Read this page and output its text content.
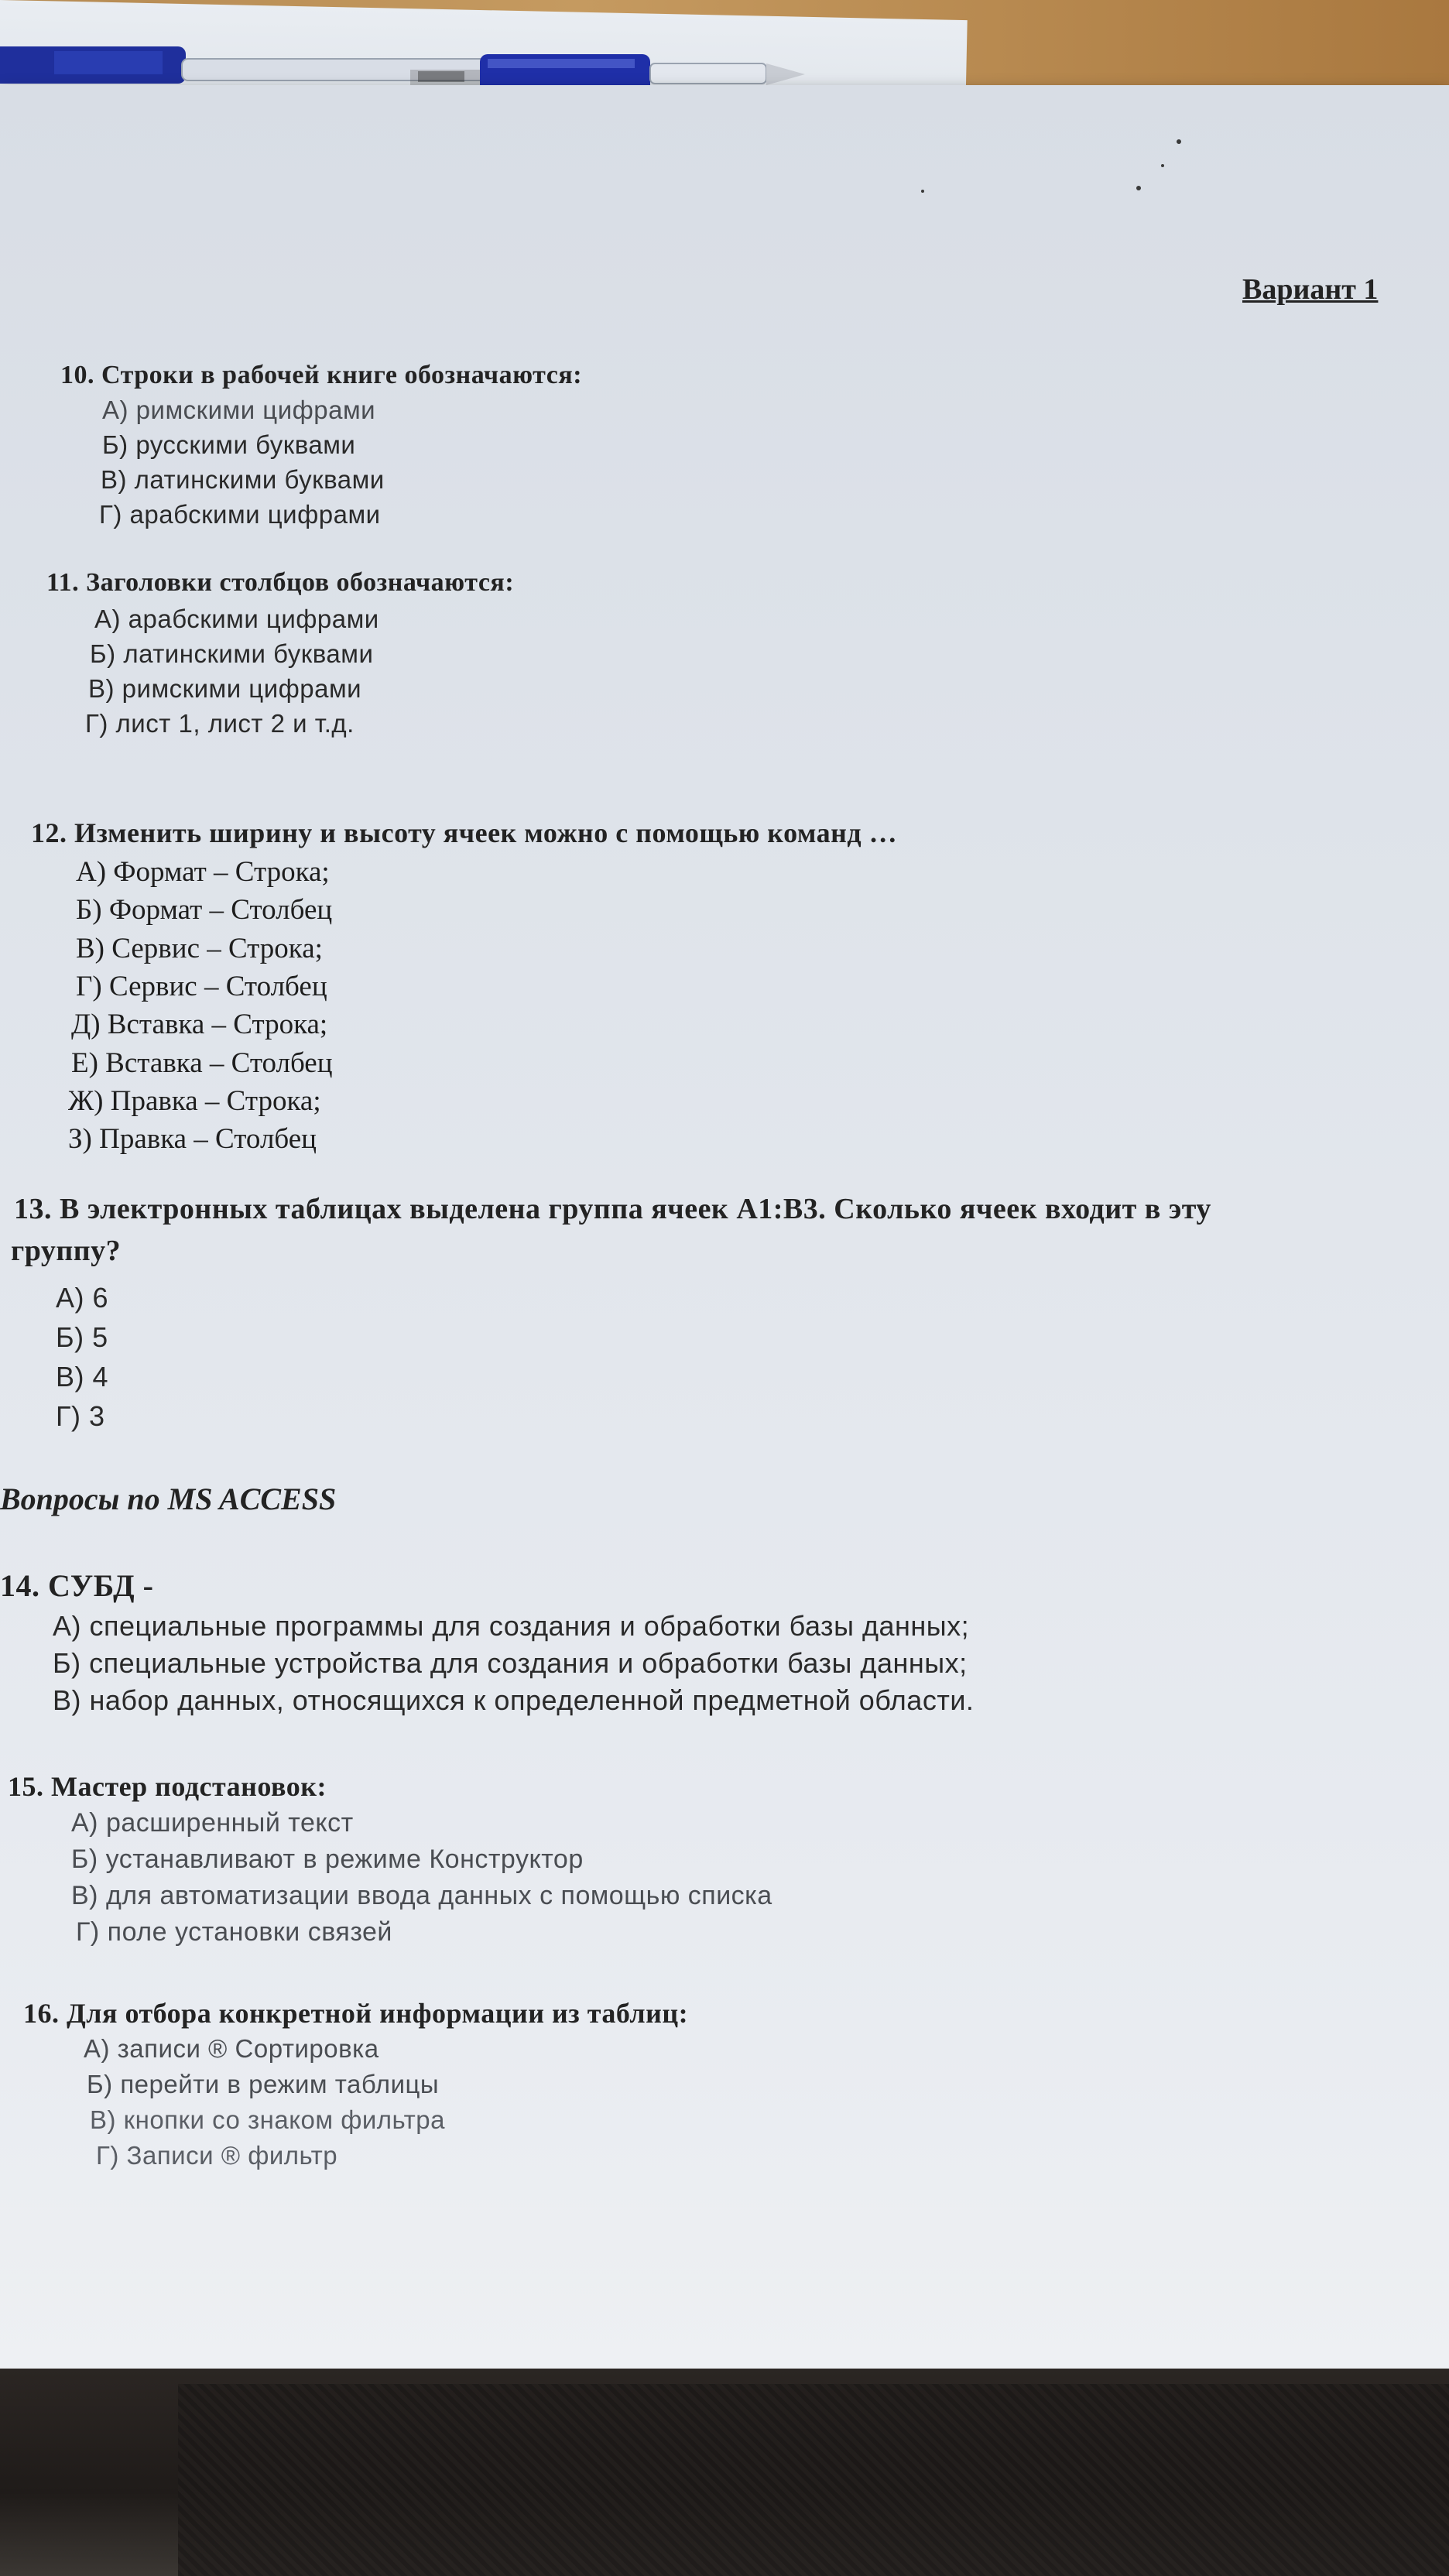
Вариант 1

10. Строки в рабочей книге обозначаются:

А) римскими цифрами

Б) русскими буквами

В) латинскими буквами

Г) арабскими цифрами

11. Заголовки столбцов обозначаются:

А) арабскими цифрами

Б) латинскими буквами

В) римскими цифрами

Г) лист 1, лист 2 и т.д.

12. Изменить ширину и высоту ячеек можно с помощью команд …

А) Формат – Строка;

Б) Формат – Столбец

В) Сервис – Строка;

Г) Сервис – Столбец

Д) Вставка – Строка;

Е) Вставка – Столбец

Ж) Правка – Строка;

З) Правка – Столбец

13. В электронных таблицах выделена группа ячеек А1:В3. Сколько ячеек входит в эту

группу?

А) 6

Б) 5

В) 4

Г) 3

Вопросы по MS ACCESS

14. СУБД -

А) специальные программы для создания и обработки базы данных;

Б) специальные устройства для создания и обработки базы данных;

В) набор данных, относящихся к определенной предметной области.

15. Мастер подстановок:

А) расширенный текст

Б) устанавливают в режиме Конструктор

В) для автоматизации ввода данных с помощью списка

Г) поле установки связей

16. Для отбора конкретной информации из таблиц:

А) записи ® Сортировка

Б) перейти в режим таблицы

В) кнопки со знаком фильтра

Г) Записи ® фильтр
